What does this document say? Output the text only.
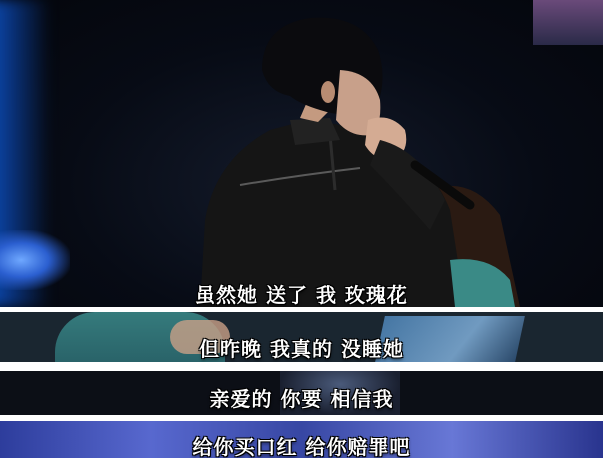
虽然她 送了 我 玫瑰花
但昨晚 我真的 没睡她
亲爱的 你要 相信我
给你买口红 给你赔罪吧
